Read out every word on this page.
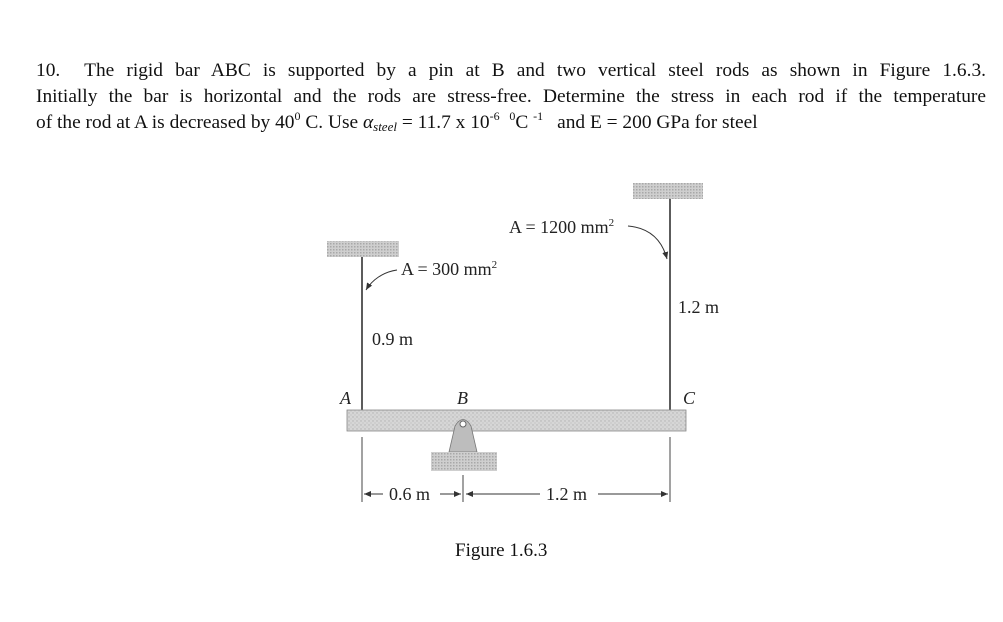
10. The rigid bar ABC is supported by a pin at B and two vertical steel rods as shown in Figure 1.6.3.
Initially the bar is horizontal and the rods are stress-free. Determine the stress in each rod if the temperature
of the rod at A is decreased by $40^0$ C. Use $\alpha_{steel} = 11.7$ x $10^{-6}$ $^0$C $^{-1}$ and E = 200 GPa for steel
A = 1200 $mm^2$
A = 300 $mm^2$
1.2 m
0.9 m
A	B	C
0.6 m	1.2 m
Figure 1.6.3
